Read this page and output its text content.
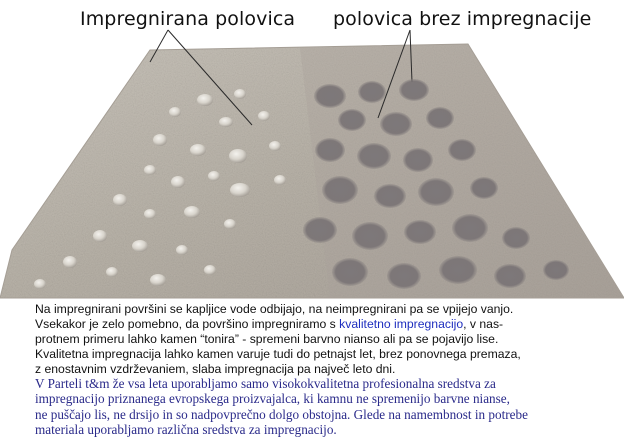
Impregnirana polovica polovica brez impregnacije

Na impregnirani površini se kapljice vode odbijajo, na neimpregnirani pa se vpijejo vanjo.

Vsekakor je zelo pomebno, da površino impregniramo s kvalitetno impregnacijo, v nas-

protnem primeru lahko kamen “tonira” - spremeni barvno nianso ali pa se pojavijo lise.

Kvalitetna impregnacija lahko kamen varuje tudi do petnajst let, brez ponovnega premaza,

z enostavnim vzdrževaniem, slaba impregnacija pa največ leto dni.

V Parteli t&m že vsa leta uporabljamo samo visokokvalitetna profesionalna sredstva za

impregnacijo priznanega evropskega proizvajalca, ki kamnu ne spremenijo barvne nianse,

ne puščajo lis, ne drsijo in so nadpovprečno dolgo obstojna. Glede na namembnost in potrebe

materiala uporabljamo različna sredstva za impregnacijo.
